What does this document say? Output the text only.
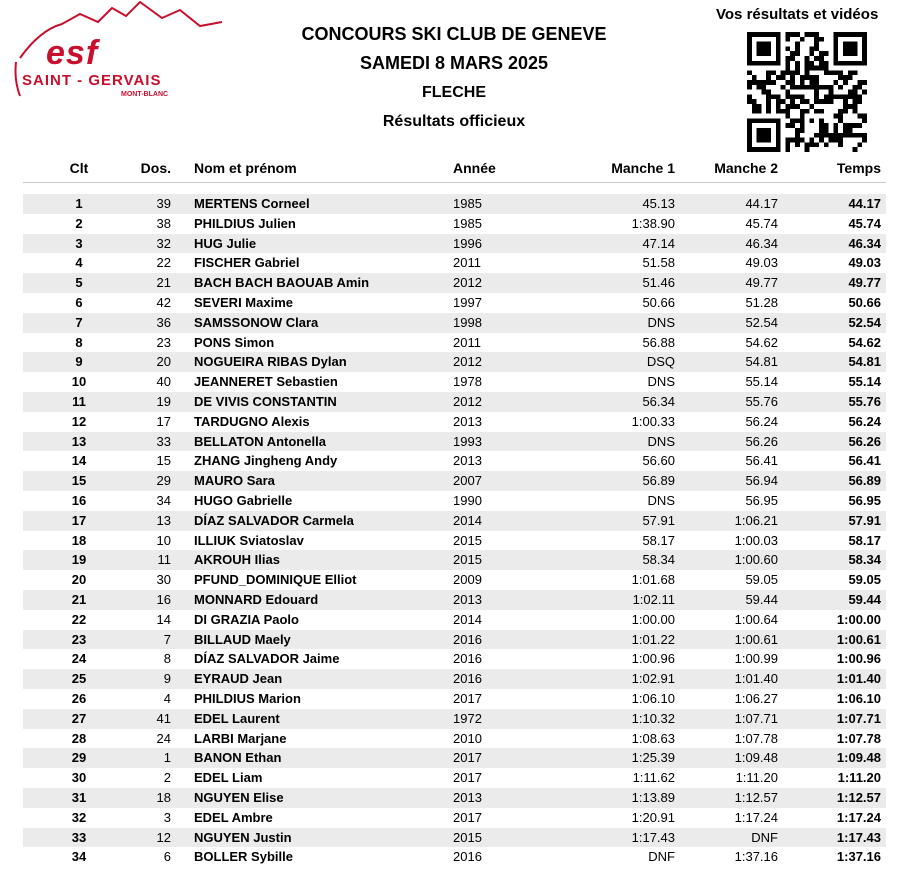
esf
SAINT - GERVAIS
MONT-BLANC
CONCOURS SKI CLUB DE GENEVE
SAMEDI 8 MARS 2025
FLECHE
Résultats officieux
Vos résultats et vidéos
Clt	Dos. Nom et prénom	Année	Manche 1	Manche 2	Temps
1	39 MERTENS Corneel	1985	45.13	44.17	44.17
2	38 PHILDIUS Julien	1985	1:38.90	45.74	45.74
3	32 HUG Julie	1996	47.14	46.34	46.34
4	22 FISCHER Gabriel	2011	51.58	49.03	49.03
5	21 BACH BACH BAOUAB Amin	2012	51.46	49.77	49.77
6	42 SEVERI Maxime	1997	50.66	51.28	50.66
7	36 SAMSSONOW Clara	1998	DNS	52.54	52.54
8	23 PONS Simon	2011	56.88	54.62	54.62
9	20 NOGUEIRA RIBAS Dylan	2012	DSQ	54.81	54.81
10	40 JEANNERET Sebastien	1978	DNS	55.14	55.14
11	19 DE VIVIS CONSTANTIN	2012	56.34	55.76	55.76
12	17 TARDUGNO Alexis	2013	1:00.33	56.24	56.24
13	33 BELLATON Antonella	1993	DNS	56.26	56.26
14	15 ZHANG Jingheng Andy	2013	56.60	56.41	56.41
15	29 MAURO Sara	2007	56.89	56.94	56.89
16	34 HUGO Gabrielle	1990	DNS	56.95	56.95
17	13 DÍAZ SALVADOR Carmela	2014	57.91	1:06.21	57.91
18	10 ILLIUK Sviatoslav	2015	58.17	1:00.03	58.17
19	11 AKROUH Ilias	2015	58.34	1:00.60	58.34
20	30 PFUND_DOMINIQUE Elliot	2009	1:01.68	59.05	59.05
21	16 MONNARD Edouard	2013	1:02.11	59.44	59.44
22	14 DI GRAZIA Paolo	2014	1:00.00	1:00.64	1:00.00
23	7 BILLAUD Maely	2016	1:01.22	1:00.61	1:00.61
24	8 DÍAZ SALVADOR Jaime	2016	1:00.96	1:00.99	1:00.96
25	9 EYRAUD Jean	2016	1:02.91	1:01.40	1:01.40
26	4 PHILDIUS Marion	2017	1:06.10	1:06.27	1:06.10
27	41 EDEL Laurent	1972	1:10.32	1:07.71	1:07.71
28	24 LARBI Marjane	2010	1:08.63	1:07.78	1:07.78
29	1 BANON Ethan	2017	1:25.39	1:09.48	1:09.48
30	2 EDEL Liam	2017	1:11.62	1:11.20	1:11.20
31	18 NGUYEN Elise	2013	1:13.89	1:12.57	1:12.57
32	3 EDEL Ambre	2017	1:20.91	1:17.24	1:17.24
33	12 NGUYEN Justin	2015	1:17.43	DNF	1:17.43
34	6 BOLLER Sybille	2016	DNF	1:37.16	1:37.16
